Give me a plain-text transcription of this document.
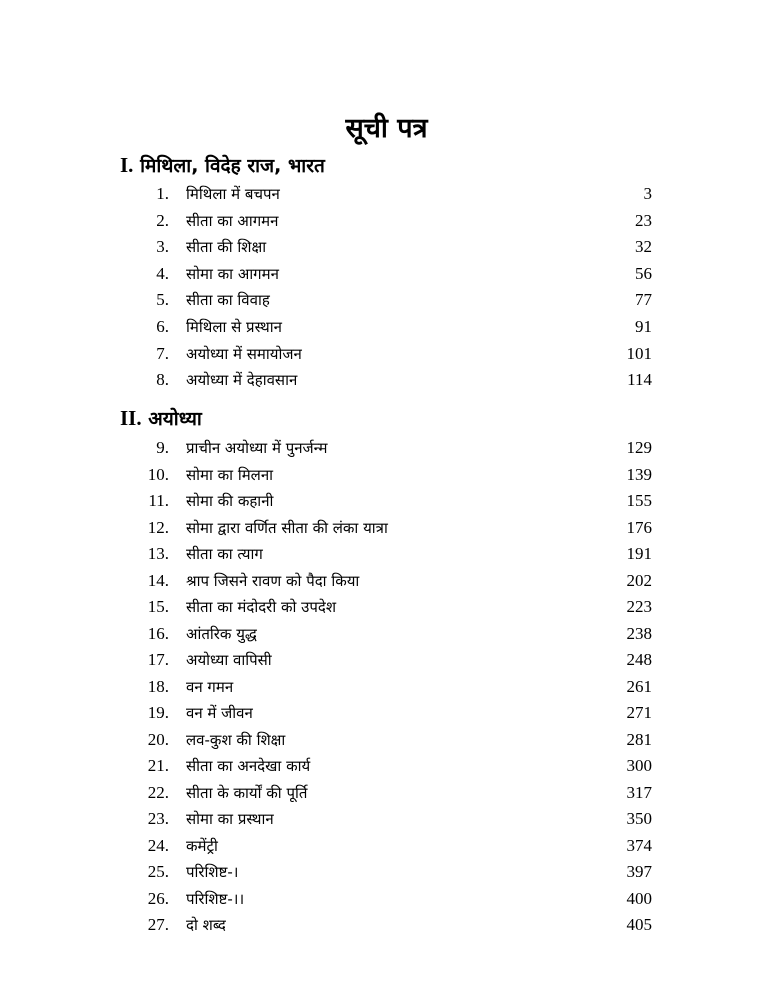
सूची पत्र
I. मिथिला, विदेह राज, भारत
1. मिथिला में बचपन	3
2. सीता का आगमन	23
3. सीता की शिक्षा	32
4. सोमा का आगमन	56
5. सीता का विवाह	77
6. मिथिला से प्रस्थान	91
7. अयोध्या में समायोजन	101
8. अयोध्या में देहावसान	114
II. अयोध्या
9. प्राचीन अयोध्या में पुनर्जन्म	129
10. सोमा का मिलना	139
11. सोमा की कहानी	155
12. सोमा द्वारा वर्णित सीता की लंका यात्रा	176
13. सीता का त्याग	191
14. श्राप जिसने रावण को पैदा किया	202
15. सीता का मंदोदरी को उपदेश	223
16. आंतरिक युद्ध	238
17. अयोध्या वापिसी	248
18. वन गमन	261
19. वन में जीवन	271
20. लव-कुश की शिक्षा	281
21. सीता का अनदेखा कार्य	300
22. सीता के कार्यों की पूर्ति	317
23. सोमा का प्रस्थान	350
24. कमेंट्री	374
25. परिशिष्ट-।	397
26. परिशिष्ट-।।	400
27. दो शब्द	405
